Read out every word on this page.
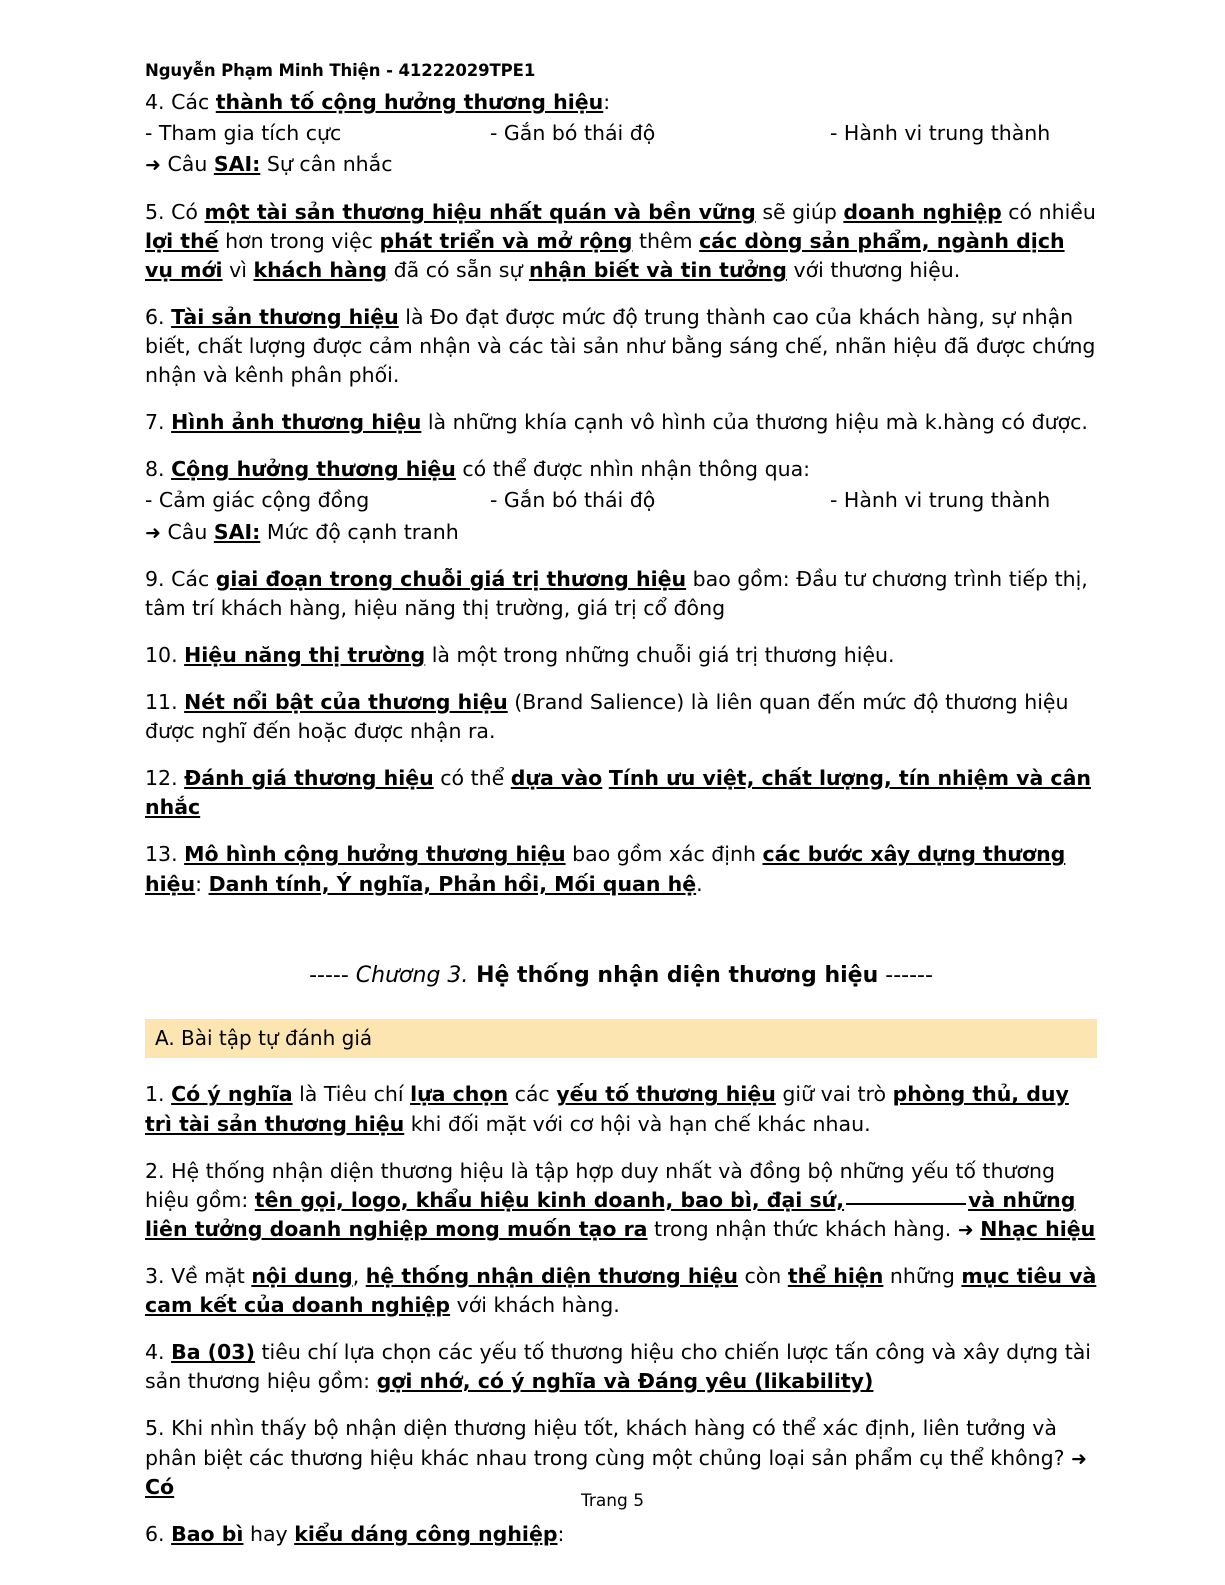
Nguyễn Phạm Minh Thiện - 41222029TPE1

4. Các thành tố cộng hưởng thương hiệu:

- Tham gia tích cực	- Gắn bó thái độ	- Hành vi trung thành

➜ Câu SAI: Sự cân nhắc

5. Có một tài sản thương hiệu nhất quán và bền vững sẽ giúp doanh nghiệp có nhiều lợi thế hơn trong việc phát triển và mở rộng thêm các dòng sản phẩm, ngành dịch vụ mới vì khách hàng đã có sẵn sự nhận biết và tin tưởng với thương hiệu.

6. Tài sản thương hiệu là Đo đạt được mức độ trung thành cao của khách hàng, sự nhận biết, chất lượng được cảm nhận và các tài sản như bằng sáng chế, nhãn hiệu đã được chứng nhận và kênh phân phối.

7. Hình ảnh thương hiệu là những khía cạnh vô hình của thương hiệu mà k.hàng có được.

8. Cộng hưởng thương hiệu có thể được nhìn nhận thông qua:

- Cảm giác cộng đồng	- Gắn bó thái độ	- Hành vi trung thành

➜ Câu SAI: Mức độ cạnh tranh

9. Các giai đoạn trong chuỗi giá trị thương hiệu bao gồm: Đầu tư chương trình tiếp thị, tâm trí khách hàng, hiệu năng thị trường, giá trị cổ đông

10. Hiệu năng thị trường là một trong những chuỗi giá trị thương hiệu.

11. Nét nổi bật của thương hiệu (Brand Salience) là liên quan đến mức độ thương hiệu được nghĩ đến hoặc được nhận ra.

12. Đánh giá thương hiệu có thể dựa vào Tính ưu việt, chất lượng, tín nhiệm và cân nhắc

13. Mô hình cộng hưởng thương hiệu bao gồm xác định các bước xây dựng thương hiệu: Danh tính, Ý nghĩa, Phản hồi, Mối quan hệ.

----- Chương 3. Hệ thống nhận diện thương hiệu ------
A. Bài tập tự đánh giá

1. Có ý nghĩa là Tiêu chí lựa chọn các yếu tố thương hiệu giữ vai trò phòng thủ, duy trì tài sản thương hiệu khi đối mặt với cơ hội và hạn chế khác nhau.

2. Hệ thống nhận diện thương hiệu là tập hợp duy nhất và đồng bộ những yếu tố thương hiệu gồm: tên gọi, logo, khẩu hiệu kinh doanh, bao bì, đại sứ,	và những liên tưởng doanh nghiệp mong muốn tạo ra trong nhận thức khách hàng. ➜ Nhạc hiệu

3. Về mặt nội dung, hệ thống nhận diện thương hiệu còn thể hiện những mục tiêu và cam kết của doanh nghiệp với khách hàng.

4. Ba (03) tiêu chí lựa chọn các yếu tố thương hiệu cho chiến lược tấn công và xây dựng tài sản thương hiệu gồm: gợi nhớ, có ý nghĩa và Đáng yêu (likability)

5. Khi nhìn thấy bộ nhận diện thương hiệu tốt, khách hàng có thể xác định, liên tưởng và phân biệt các thương hiệu khác nhau trong cùng một chủng loại sản phẩm cụ thể không? ➜ Có

6. Bao bì hay kiểu dáng công nghiệp:

Trang 5
